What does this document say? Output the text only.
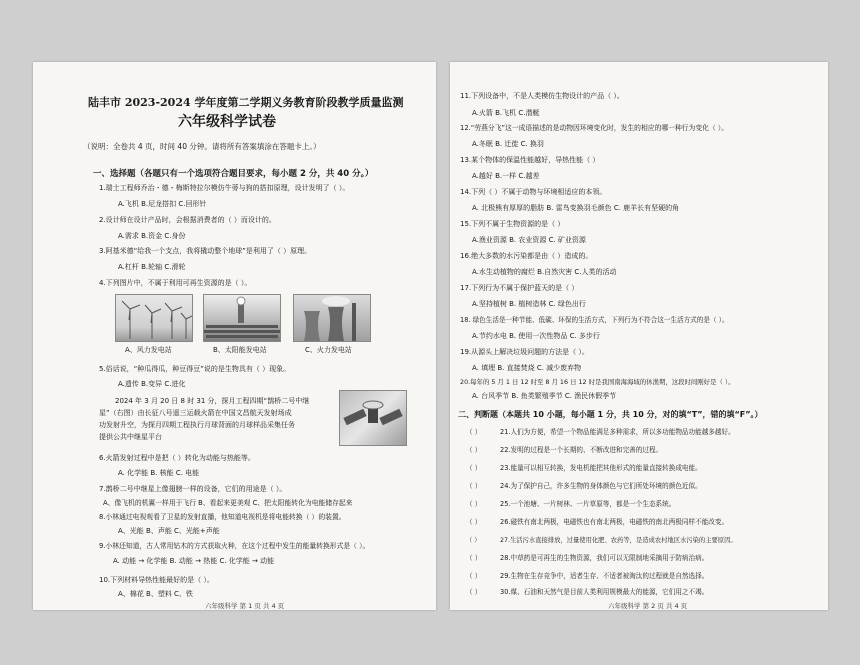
陆丰市 2023-2024 学年度第二学期义务教育阶段教学质量监测
六年级科学试卷
（说明：全卷共 4 页，时间 40 分钟。请将所有答案填涂在答题卡上。）
一、选择题（各题只有一个选项符合题目要求，每小题 2 分，共 40 分。）
1.瑞士工程师乔治・德・梅斯特拉尔模仿牛蒡与狗的搭扣原理，设计发明了（ ）。
A.飞机 B.尼龙搭扣 C.回形针
2.设计师在设计产品时，会根据消费者的（ ）而设计的。
A.需求 B.资金 C.身份
3.阿基米德“给我一个支点，我将撬动整个地球”是利用了（ ）原理。
A.杠杆 B.轮轴 C.滑轮
4.下列图片中，不属于利用可再生资源的是（ ）。
A、风力发电站	B、太阳能发电站	C、火力发电站
5.俗话说，“种瓜得瓜，种豆得豆”说的是生物具有（ ）现象。
A.遗传 B.变异 C.进化
2024 年 3 月 20 日 8 时 31 分，探月工程四期“鹊桥二号中继
星”（右图）由长征八号遥三运载火箭在中国文昌航天发射场成
功发射升空，为探月四期工程执行月球背面的月球样品采集任务
提供公共中继星平台
6.火箭发射过程中是把（ ）转化为动能与热能等。
A. 化学能 B. 核能 C. 电能
7.鹊桥二号中继星上像翅膀一样的设备，它们的用途是（ ）。
A、像飞机的机翼一样用于飞行 B、看起来更美观 C、把太阳能转化为电能储存起来
8.小林通过电视观看了卫星的发射直播，他知道电视机是将电能转换（ ）的装置。
A、光能 B、声能 C、光能+声能
9.小林还知道，古人常用钻木的方式获取火种，在这个过程中发生的能量转换形式是（ ）。
A. 动能 → 化学能 B. 动能 → 热能 C. 化学能 → 动能
10.下列材料导热性能最好的是（ ）。
A、棉花 B、塑料 C、铁
六年级科学 第 1 页 共 4 页
11.下列设备中，不是人类模仿生物设计的产品（ ）。
A.火箭 B.飞机 C.潜艇
12.“劳燕分飞”这一成语描述的是动物因环境变化时，发生的相应的哪一种行为变化（ ）。
A.冬眠 B. 迁徙 C. 换羽
13.某个物体的保温性能越好，导热性能（ ）
A.越好 B.一样 C.越差
14.下列（ ）不属于动物与环境相适应的本领。
A. 北极熊有厚厚的脂肪 B. 雷鸟变换羽毛颜色 C. 鹿羊长有坚硬的角
15.下列不属于生物资源的是（ ）
A.渔业资源 B. 农业资源 C. 矿业资源
16.绝大多数的水污染都是由（ ）造成的。
A.水生动植物的腐烂 B.自然灾害 C.人类的活动
17.下列行为不属于保护蓝天的是（ ）
A.坚持植树 B. 植树造林 C. 绿色出行
18. 绿色生活是一种节能、低碳、环保的生活方式，下列行为不符合这一生活方式的是（ ）。
A.节约水电 B. 使用一次性物品 C. 多步行
19.从源头上解决垃圾问题的方法是（ ）。
A. 填埋 B. 直接焚烧 C. 减少废弃物
20.每年的 5 月 1 日 12 时至 8 月 16 日 12 时是我国南海海域的休渔期，这段时间刚好是（ ）。
A. 台风季节 B. 鱼类繁殖季节 C. 渔民休假季节
二、判断题（本题共 10 小题，每小题 1 分，共 10 分，对的填“T”，错的填“F”。）
（ ）	21.人们为方便，希望一个物品能满足多种需求，所以多功能物品功能越多越好。
（ ）	22.发明的过程是一个长期的、不断改进和完善的过程。
（ ）	23.能量可以相互转换，发电机能把其他形式的能量直接转换成电能。
（ ）	24.为了保护自己，许多生物的身体颜色与它们所处环境的颜色近似。
（ ）	25.一个池塘、一片树林、一片草原等，都是一个生态系统。
（ ）	26.磁铁有南北两极，电磁铁也有南北两极，电磁铁的南北两极同样不能改变。
（ ）	27.生活污水直接排放，过量使用化肥、农药等，是造成农村地区水污染的主要原因。
（ ）	28.中草药是可再生的生物资源，我们可以无限制地采摘用于防病治病。
（ ）	29.生物在生存竞争中，适者生存、不适者被淘汰的过程就是自然选择。
（ ）	30.煤、石油和天然气是目前人类利用规模最大的能源，它们用之不竭。
六年级科学 第 2 页 共 4 页
